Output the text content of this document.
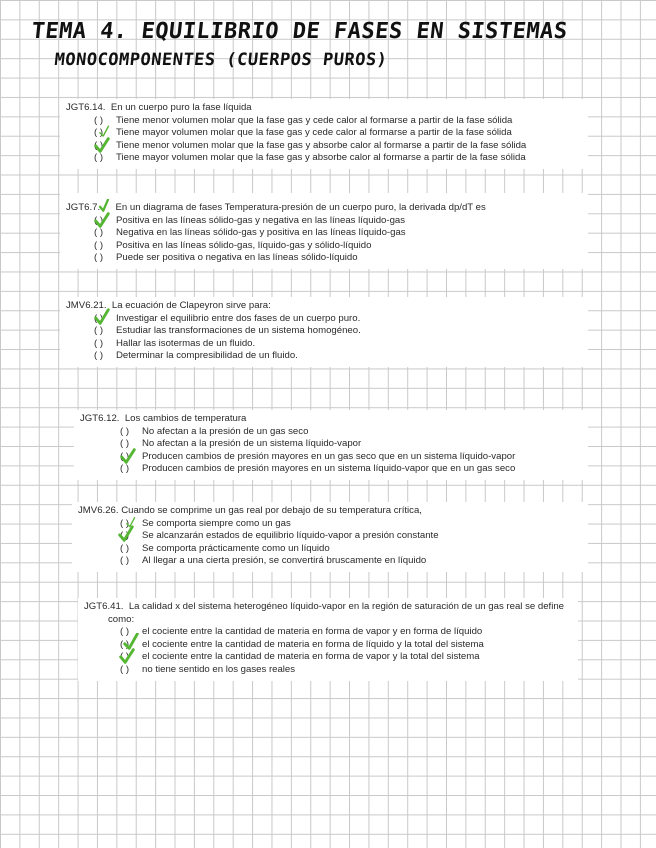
TEMA 4. EQUILIBRIO DE FASES EN SISTEMAS
MONOCOMPONENTES (CUERPOS PUROS)
JGT6.14. En un cuerpo puro la fase líquida
( ) Tiene menor volumen molar que la fase gas y cede calor al formarse a partir de la fase sólida
( ) Tiene mayor volumen molar que la fase gas y cede calor al formarse a partir de la fase sólida
( ) Tiene menor volumen molar que la fase gas y absorbe calor al formarse a partir de la fase sólida
( ) Tiene mayor volumen molar que la fase gas y absorbe calor al formarse a partir de la fase sólida
JGT6.7. En un diagrama de fases Temperatura-presión de un cuerpo puro, la derivada dp/dT es
( ) Positiva en las líneas sólido-gas y negativa en las líneas líquido-gas
( ) Negativa en las líneas sólido-gas y positiva en las líneas líquido-gas
( ) Positiva en las líneas sólido-gas, líquido-gas y sólido-líquido
( ) Puede ser positiva o negativa en las líneas sólido-líquido
JMV6.21. La ecuación de Clapeyron sirve para:
( ) Investigar el equilibrio entre dos fases de un cuerpo puro.
( ) Estudiar las transformaciones de un sistema homogéneo.
( ) Hallar las isotermas de un fluido.
( ) Determinar la compresibilidad de un fluido.
JGT6.12. Los cambios de temperatura
( ) No afectan a la presión de un gas seco
( ) No afectan a la presión de un sistema líquido-vapor
( ) Producen cambios de presión mayores en un gas seco que en un sistema líquido-vapor
( ) Producen cambios de presión mayores en un sistema líquido-vapor que en un gas seco
JMV6.26. Cuando se comprime un gas real por debajo de su temperatura crítica,
( ) Se comporta siempre como un gas
( ) Se alcanzarán estados de equilibrio líquido-vapor a presión constante
( ) Se comporta prácticamente como un líquido
( ) Al llegar a una cierta presión, se convertirá bruscamente en líquido
JGT6.41. La calidad x del sistema heterogéneo líquido-vapor en la región de saturación de un gas real se define como:
( ) el cociente entre la cantidad de materia en forma de vapor y en forma de líquido
( ) el cociente entre la cantidad de materia en forma de líquido y la total del sistema
( ) el cociente entre la cantidad de materia en forma de vapor y la total del sistema
( ) no tiene sentido en los gases reales
